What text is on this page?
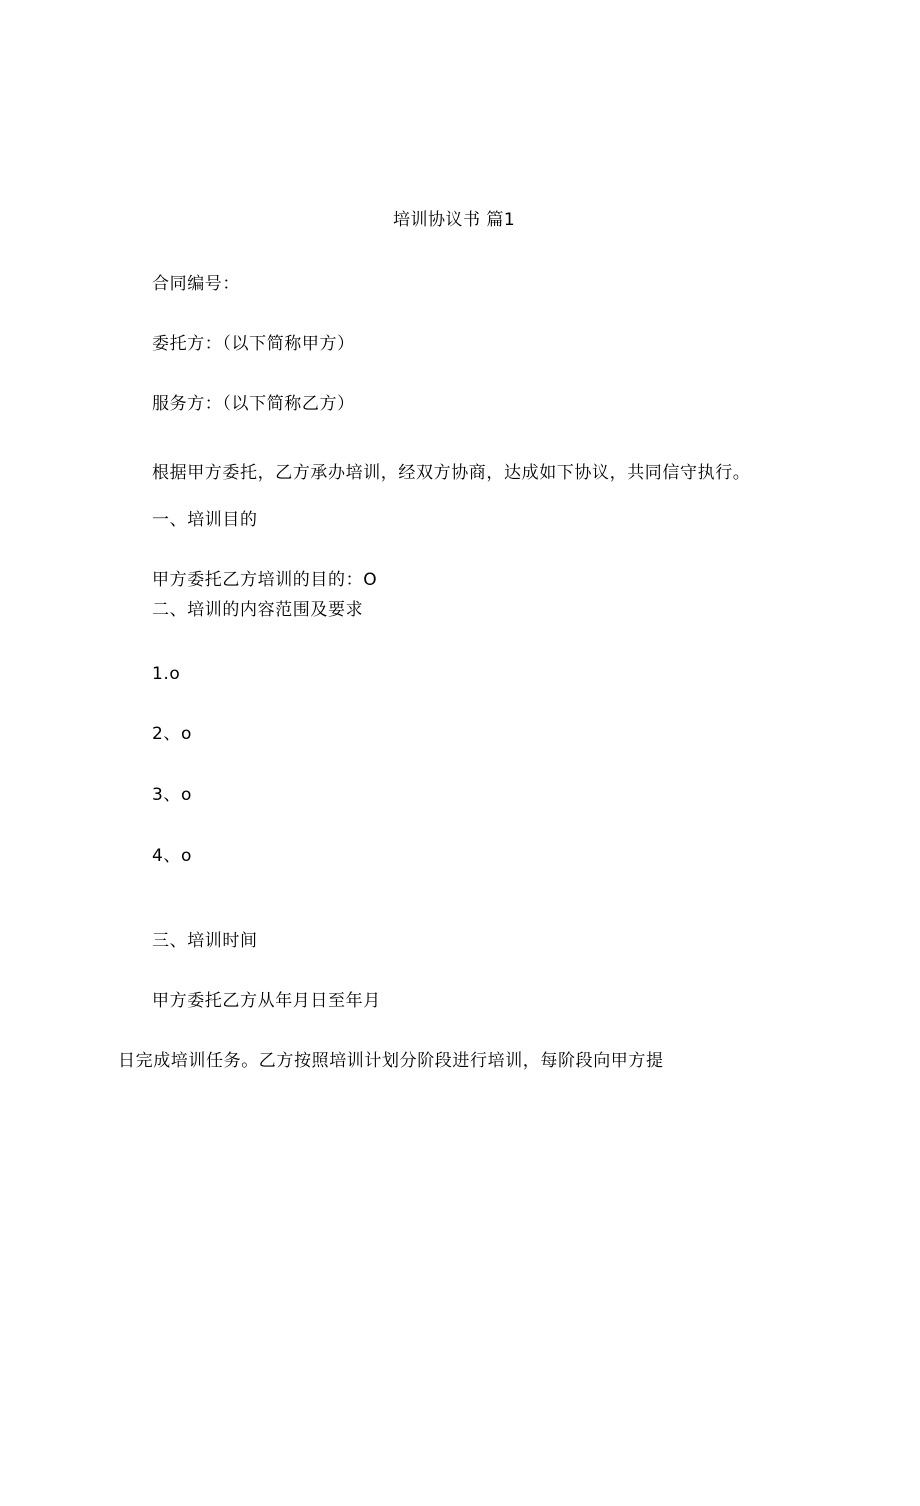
培训协议书 篇1

合同编号：

委托方：（以下简称甲方）

服务方：（以下简称乙方）

根据甲方委托，乙方承办培训，经双方协商，达成如下协议，共同信守执行。

一、培训目的

甲方委托乙方培训的目的：O

二、培训的内容范围及要求

1.o

2、o

3、o

4、o

三、培训时间

甲方委托乙方从年月日至年月

日完成培训任务。乙方按照培训计划分阶段进行培训，每阶段向甲方提
